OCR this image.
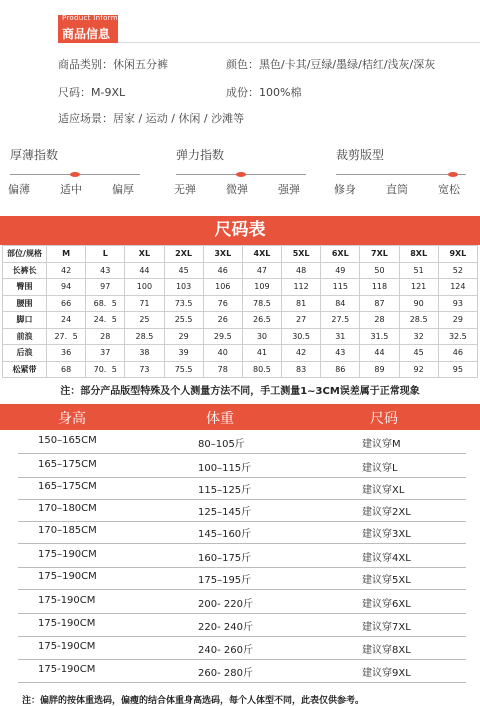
Product Information
商品信息
商品类别：休闲五分裤	颜色：黑色/卡其/豆绿/墨绿/桔红/浅灰/深灰
尺码：M-9XL	成份：100%棉
适应场景：居家 / 运动 / 休闲 / 沙滩等
厚薄指数
偏薄	适中	偏厚
弹力指数
无弹	微弹	强弹
裁剪版型
修身	直筒	宽松
尺码表
部位/规格	M	L	XL	2XL	3XL	4XL	5XL	6XL	7XL	8XL	9XL
长裤长	42	43	44	45	46	47	48	49	50	51	52
臀围	94	97	100	103	106	109	112	115	118	121	124
腰围	66	68．5	71	73.5	76	78.5	81	84	87	90	93
脚口	24	24．5	25	25.5	26	26.5	27	27.5	28	28.5	29
前浪	27．5	28	28.5	29	29.5	30	30.5	31	31.5	32	32.5
后浪	36	37	38	39	40	41	42	43	44	45	46
松紧带	68	70．5	73	75.5	78	80.5	83	86	89	92	95
注：部分产品版型特殊及个人测量方法不同，手工测量1~3CM误差属于正常现象
身高	体重	尺码
150–165CM	80–105斤	建议穿M
165–175CM	100–115斤	建议穿L
165–175CM	115–125斤	建议穿XL
170–180CM	125–145斤	建议穿2XL
170–185CM	145–160斤	建议穿3XL
175–190CM	160–175斤	建议穿4XL
175–190CM	175–195斤	建议穿5XL
175-190CM	200- 220斤	建议穿6XL
175-190CM	220- 240斤	建议穿7XL
175-190CM	240- 260斤	建议穿8XL
175-190CM	260- 280斤	建议穿9XL
注：偏胖的按体重选码，偏瘦的结合体重身高选码，每个人体型不同，此表仅供参考。
